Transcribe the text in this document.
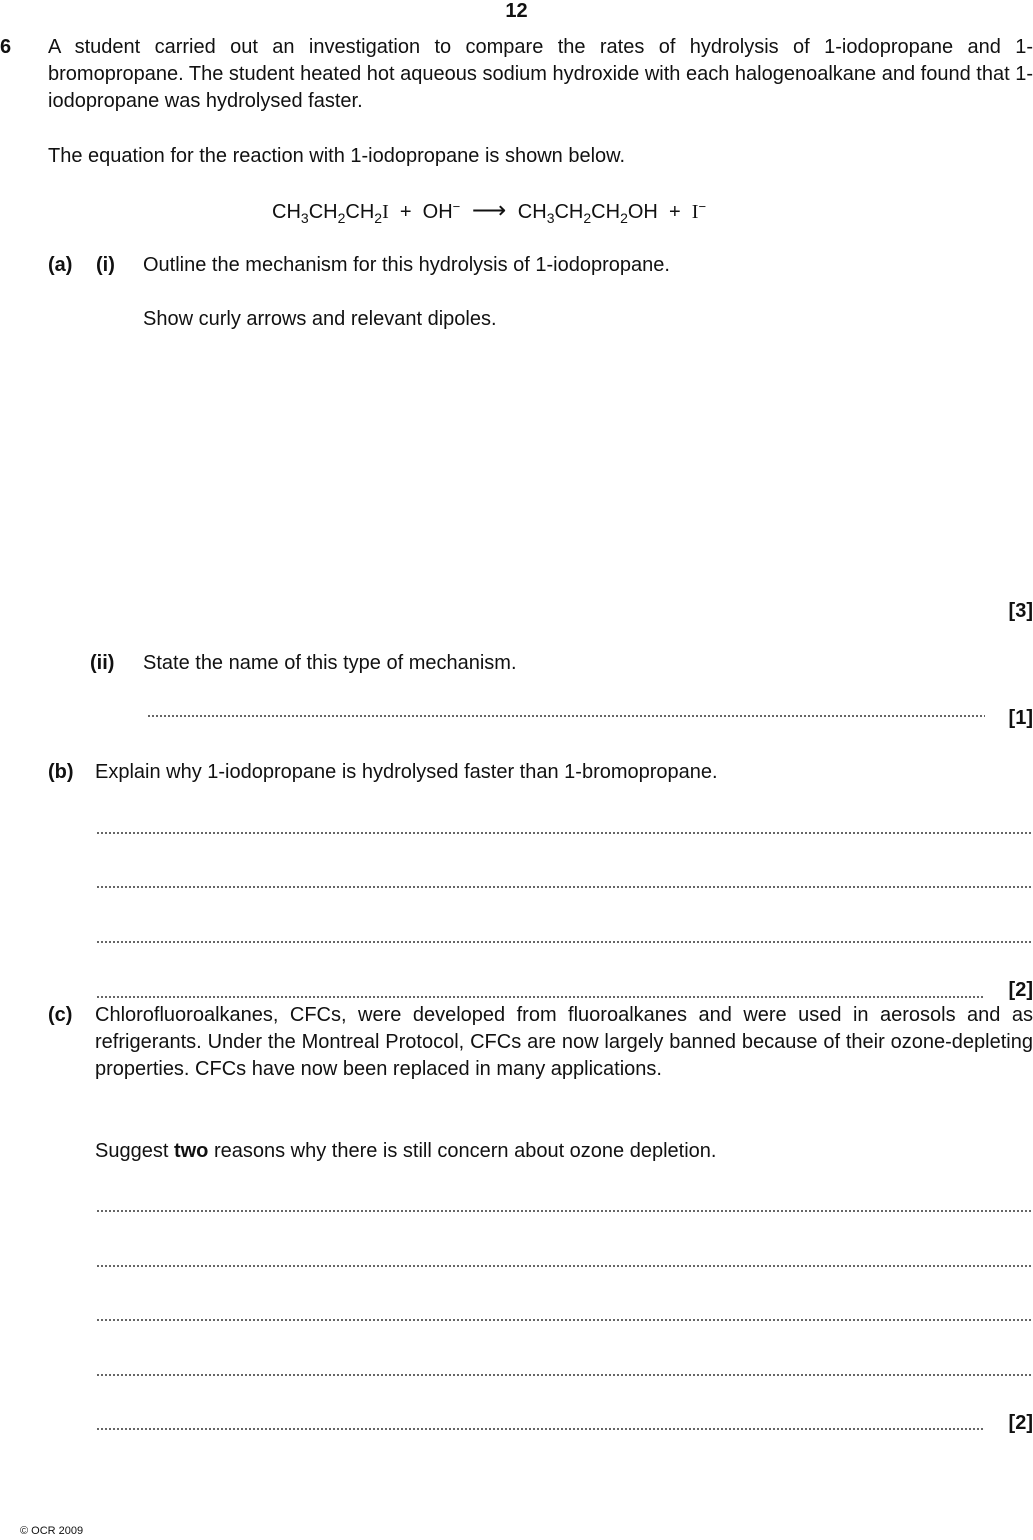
12
6 A student carried out an investigation to compare the rates of hydrolysis of 1-iodopropane and 1-bromopropane. The student heated hot aqueous sodium hydroxide with each halogenoalkane and found that 1-iodopropane was hydrolysed faster.
The equation for the reaction with 1-iodopropane is shown below.
$CH_3CH_2CH_2I + OH^-$ ⟶ $CH_3CH_2CH_2OH + I^-$
(a) (i) Outline the mechanism for this hydrolysis of 1-iodopropane.
Show curly arrows and relevant dipoles.
[3]
(ii) State the name of this type of mechanism.
[1]
(b) Explain why 1-iodopropane is hydrolysed faster than 1-bromopropane.
[2]
(c) Chlorofluoroalkanes, CFCs, were developed from fluoroalkanes and were used in aerosols and as refrigerants. Under the Montreal Protocol, CFCs are now largely banned because of their ozone-depleting properties. CFCs have now been replaced in many applications.
Suggest two reasons why there is still concern about ozone depletion.
[2]
© OCR 2009
